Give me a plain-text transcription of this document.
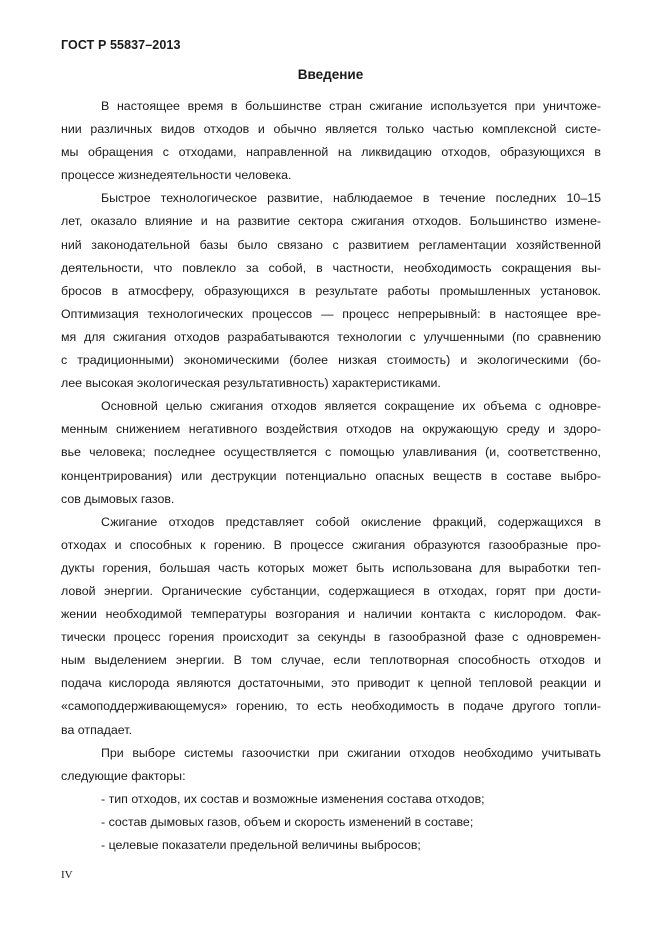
ГОСТ Р 55837–2013
Введение

В настоящее время в большинстве стран сжигание используется при уничтоже-
нии различных видов отходов и обычно является только частью комплексной систе-
мы обращения с отходами, направленной на ликвидацию отходов, образующихся в
процессе жизнедеятельности человека.

Быстрое технологическое развитие, наблюдаемое в течение последних 10–15
лет, оказало влияние и на развитие сектора сжигания отходов. Большинство измене-
ний законодательной базы было связано с развитием регламентации хозяйственной
деятельности, что повлекло за собой, в частности, необходимость сокращения вы-
бросов в атмосферу, образующихся в результате работы промышленных установок.
Оптимизация технологических процессов — процесс непрерывный: в настоящее вре-
мя для сжигания отходов разрабатываются технологии с улучшенными (по сравнению
с традиционными) экономическими (более низкая стоимость) и экологическими (бо-
лее высокая экологическая результативность) характеристиками.

Основной целью сжигания отходов является сокращение их объема с одновре-
менным снижением негативного воздействия отходов на окружающую среду и здоро-
вье человека; последнее осуществляется с помощью улавливания (и, соответственно,
концентрирования) или деструкции потенциально опасных веществ в составе выбро-
сов дымовых газов.

Сжигание отходов представляет собой окисление фракций, содержащихся в
отходах и способных к горению. В процессе сжигания образуются газообразные про-
дукты горения, большая часть которых может быть использована для выработки теп-
ловой энергии. Органические субстанции, содержащиеся в отходах, горят при дости-
жении необходимой температуры возгорания и наличии контакта с кислородом. Фак-
тически процесс горения происходит за секунды в газообразной фазе с одновремен-
ным выделением энергии. В том случае, если теплотворная способность отходов и
подача кислорода являются достаточными, это приводит к цепной тепловой реакции и
«самоподдерживающемуся» горению, то есть необходимость в подаче другого топли-
ва отпадает.

При выборе системы газоочистки при сжигании отходов необходимо учитывать
следующие факторы:

- тип отходов, их состав и возможные изменения состава отходов;
- состав дымовых газов, объем и скорость изменений в составе;
- целевые показатели предельной величины выбросов;

IV
